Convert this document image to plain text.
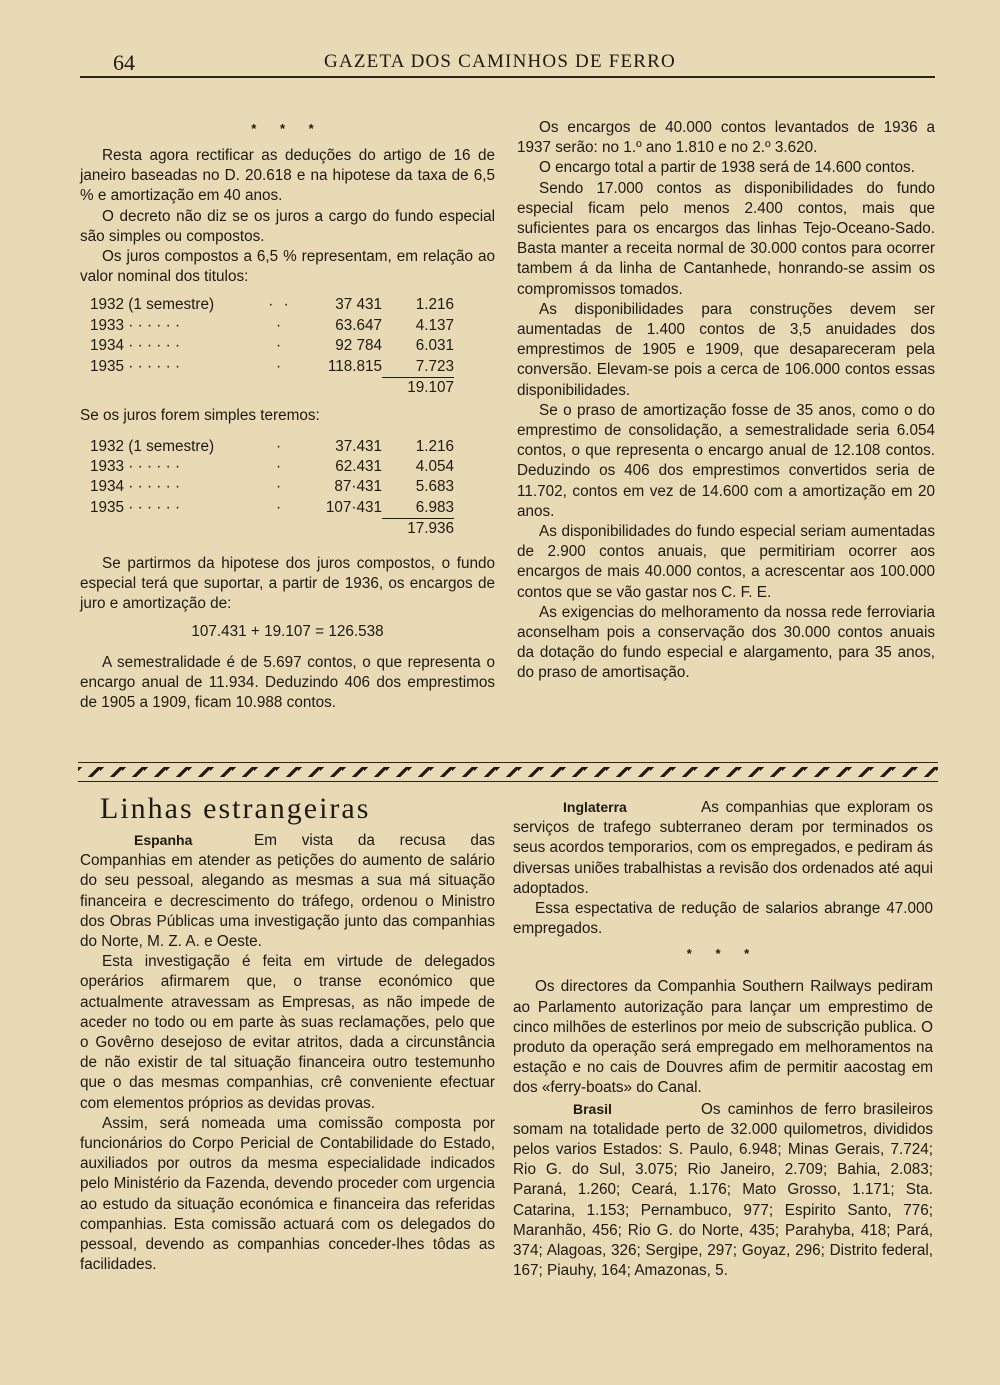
64	GAZETA DOS CAMINHOS DE FERRO
* * *

Resta agora rectificar as deduções do artigo de 16 de janeiro baseadas no D. 20.618 e na hipotese da taxa de 6,5 % e amortização em 40 anos.

O decreto não diz se os juros a cargo do fundo especial são simples ou compostos.

Os juros compostos a 6,5 % representam, em relação ao valor nominal dos titulos:

1932 (1 semestre)	· ·	37 431	1.216
1933 · · · · · ·	·	63.647	4.137
1934 · · · · · ·	·	92 784	6.031
1935 · · · · · ·	·	118.815	7.723
			19.107

Se os juros forem simples teremos:

1932 (1 semestre)	·	37.431	1.216
1933 · · · · · ·	·	62.431	4.054
1934 · · · · · ·	·	87·431	5.683
1935 · · · · · ·	·	107·431	6.983
			17.936

Se partirmos da hipotese dos juros compostos, o fundo especial terá que suportar, a partir de 1936, os encargos de juro e amortização de:

107.431 + 19.107 = 126.538

A semestralidade é de 5.697 contos, o que representa o encargo anual de 11.934. Deduzindo 406 dos emprestimos de 1905 a 1909, ficam 10.988 contos.

Os encargos de 40.000 contos levantados de 1936 a 1937 serão: no 1.º ano 1.810 e no 2.º 3.620.

O encargo total a partir de 1938 será de 14.600 contos.

Sendo 17.000 contos as disponibilidades do fundo especial ficam pelo menos 2.400 contos, mais que suficientes para os encargos das linhas Tejo-Oceano-Sado. Basta manter a receita normal de 30.000 contos para ocorrer tambem á da linha de Cantanhede, honrando-se assim os compromissos tomados.

As disponibilidades para construções devem ser aumentadas de 1.400 contos de 3,5 anuidades dos emprestimos de 1905 e 1909, que desapareceram pela conversão. Elevam-se pois a cerca de 106.000 contos essas disponibilidades.

Se o praso de amortização fosse de 35 anos, como o do emprestimo de consolidação, a semestralidade seria 6.054 contos, o que representa o encargo anual de 12.108 contos. Deduzindo os 406 dos emprestimos convertidos seria de 11.702, contos em vez de 14.600 com a amortização em 20 anos.

As disponibilidades do fundo especial seriam aumentadas de 2.900 contos anuais, que permitiriam ocorrer aos encargos de mais 40.000 contos, a acrescentar aos 100.000 contos que se vão gastar nos C. F. E.

As exigencias do melhoramento da nossa rede ferroviaria aconselham pois a conservação dos 30.000 contos anuais da dotação do fundo especial e alargamento, para 35 anos, do praso de amortisação.

Linhas estrangeiras

Espanha	Em vista da recusa das Companhias em atender as petições do aumento de salário do seu pessoal, alegando as mesmas a sua má situação financeira e decrescimento do tráfego, ordenou o Ministro dos Obras Públicas uma investigação junto das companhias do Norte, M. Z. A. e Oeste.

Esta investigação é feita em virtude de delegados operários afirmarem que, o transe económico que actualmente atravessam as Empresas, as não impede de aceder no todo ou em parte às suas reclamações, pelo que o Govêrno desejoso de evitar atritos, dada a circunstância de não existir de tal situação financeira outro testemunho que o das mesmas companhias, crê conveniente efectuar com elementos próprios as devidas provas.

Assim, será nomeada uma comissão composta por funcionários do Corpo Pericial de Contabilidade do Estado, auxiliados por outros da mesma especialidade indicados pelo Ministério da Fazenda, devendo proceder com urgencia ao estudo da situação económica e financeira das referidas companhias. Esta comissão actuará com os delegados do pessoal, devendo as companhias conceder-lhes tôdas as facilidades.

Inglaterra	As companhias que exploram os serviços de trafego subterraneo deram por terminados os seus acordos temporarios, com os empregados, e pediram ás diversas uniões trabalhistas a revisão dos ordenados até aqui adoptados.

Essa espectativa de redução de salarios abrange 47.000 empregados.

* * *

Os directores da Companhia Southern Railways pediram ao Parlamento autorização para lançar um emprestimo de cinco milhões de esterlinos por meio de subscrição publica. O produto da operação será empregado em melhoramentos na estação e no cais de Douvres afim de permitir aacostag em dos «ferry-boats» do Canal.

Brasil	Os caminhos de ferro brasileiros somam na totalidade perto de 32.000 quilometros, divididos pelos varios Estados: S. Paulo, 6.948; Minas Gerais, 7.724; Rio G. do Sul, 3.075; Rio Janeiro, 2.709; Bahia, 2.083; Paraná, 1.260; Ceará, 1.176; Mato Grosso, 1.171; Sta. Catarina, 1.153; Pernambuco, 977; Espirito Santo, 776; Maranhão, 456; Rio G. do Norte, 435; Parahyba, 418; Pará, 374; Alagoas, 326; Sergipe, 297; Goyaz, 296; Distrito federal, 167; Piauhy, 164; Amazonas, 5.
